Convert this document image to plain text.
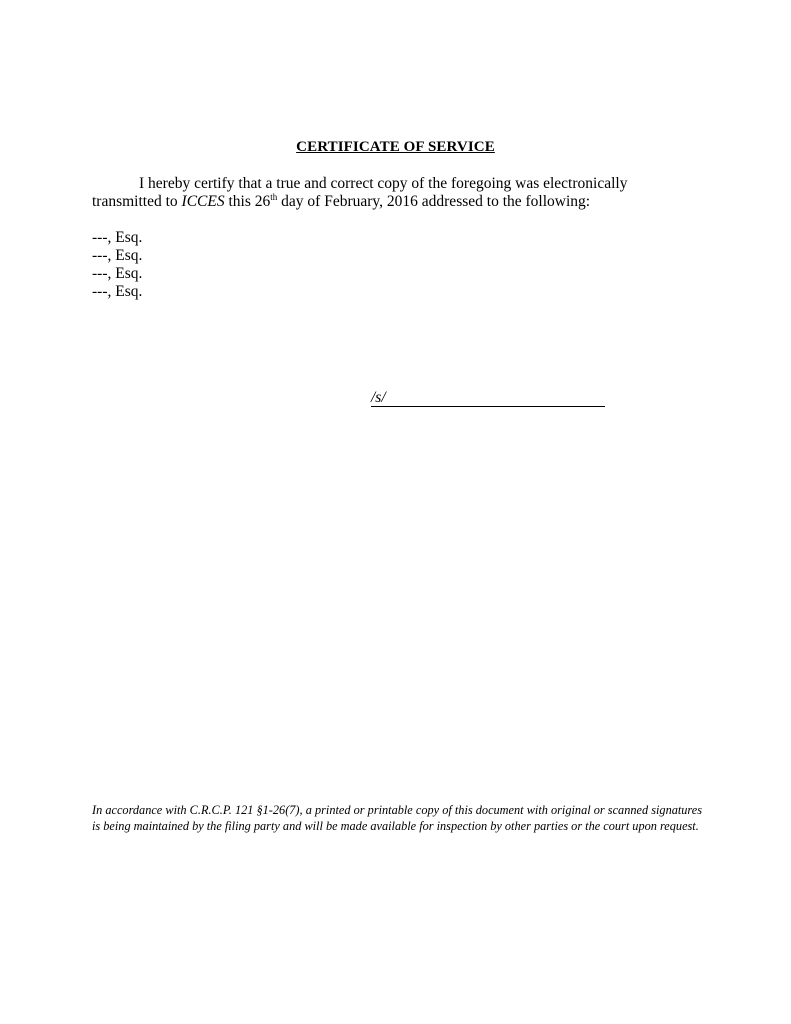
CERTIFICATE OF SERVICE
I hereby certify that a true and correct copy of the foregoing was electronically
transmitted to ICCES this 26th day of February, 2016 addressed to the following:
---, Esq.
---, Esq.
---, Esq.
---, Esq.
/s/
In accordance with C.R.C.P. 121 §1-26(7), a printed or printable copy of this document with original or scanned signatures is being maintained by the filing party and will be made available for inspection by other parties or the court upon request.
